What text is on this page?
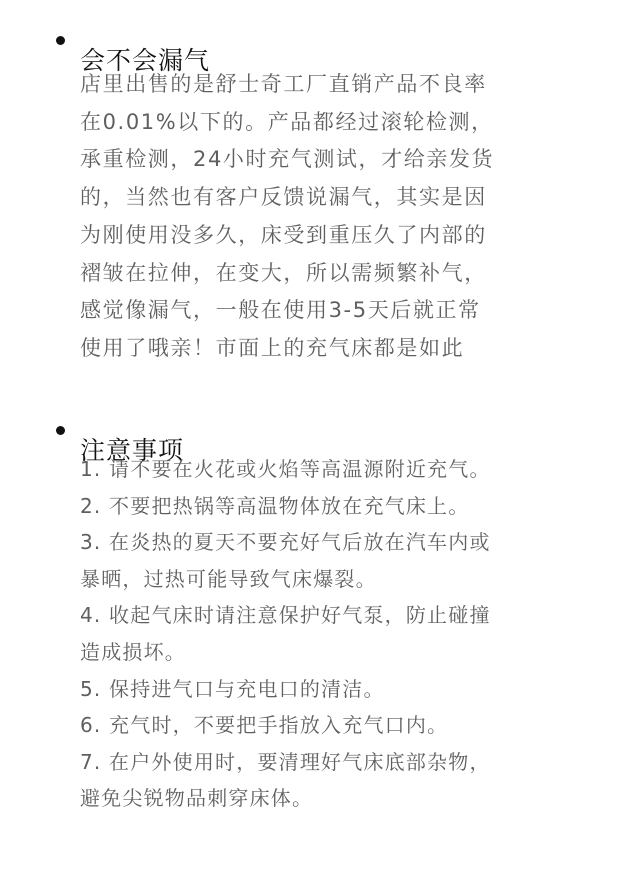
会不会漏气
店里出售的是舒士奇工厂直销产品不良率
在0.01%以下的。产品都经过滚轮检测，
承重检测，24小时充气测试，才给亲发货
的，当然也有客户反馈说漏气，其实是因
为刚使用没多久，床受到重压久了内部的
褶皱在拉伸，在变大，所以需频繁补气，
感觉像漏气，一般在使用3-5天后就正常
使用了哦亲！市面上的充气床都是如此
注意事项
1. 请不要在火花或火焰等高温源附近充气。
2. 不要把热锅等高温物体放在充气床上。
3. 在炎热的夏天不要充好气后放在汽车内或
暴晒，过热可能导致气床爆裂。
4. 收起气床时请注意保护好气泵，防止碰撞
造成损坏。
5. 保持进气口与充电口的清洁。
6. 充气时，不要把手指放入充气口内。
7. 在户外使用时，要清理好气床底部杂物，
避免尖锐物品刺穿床体。
